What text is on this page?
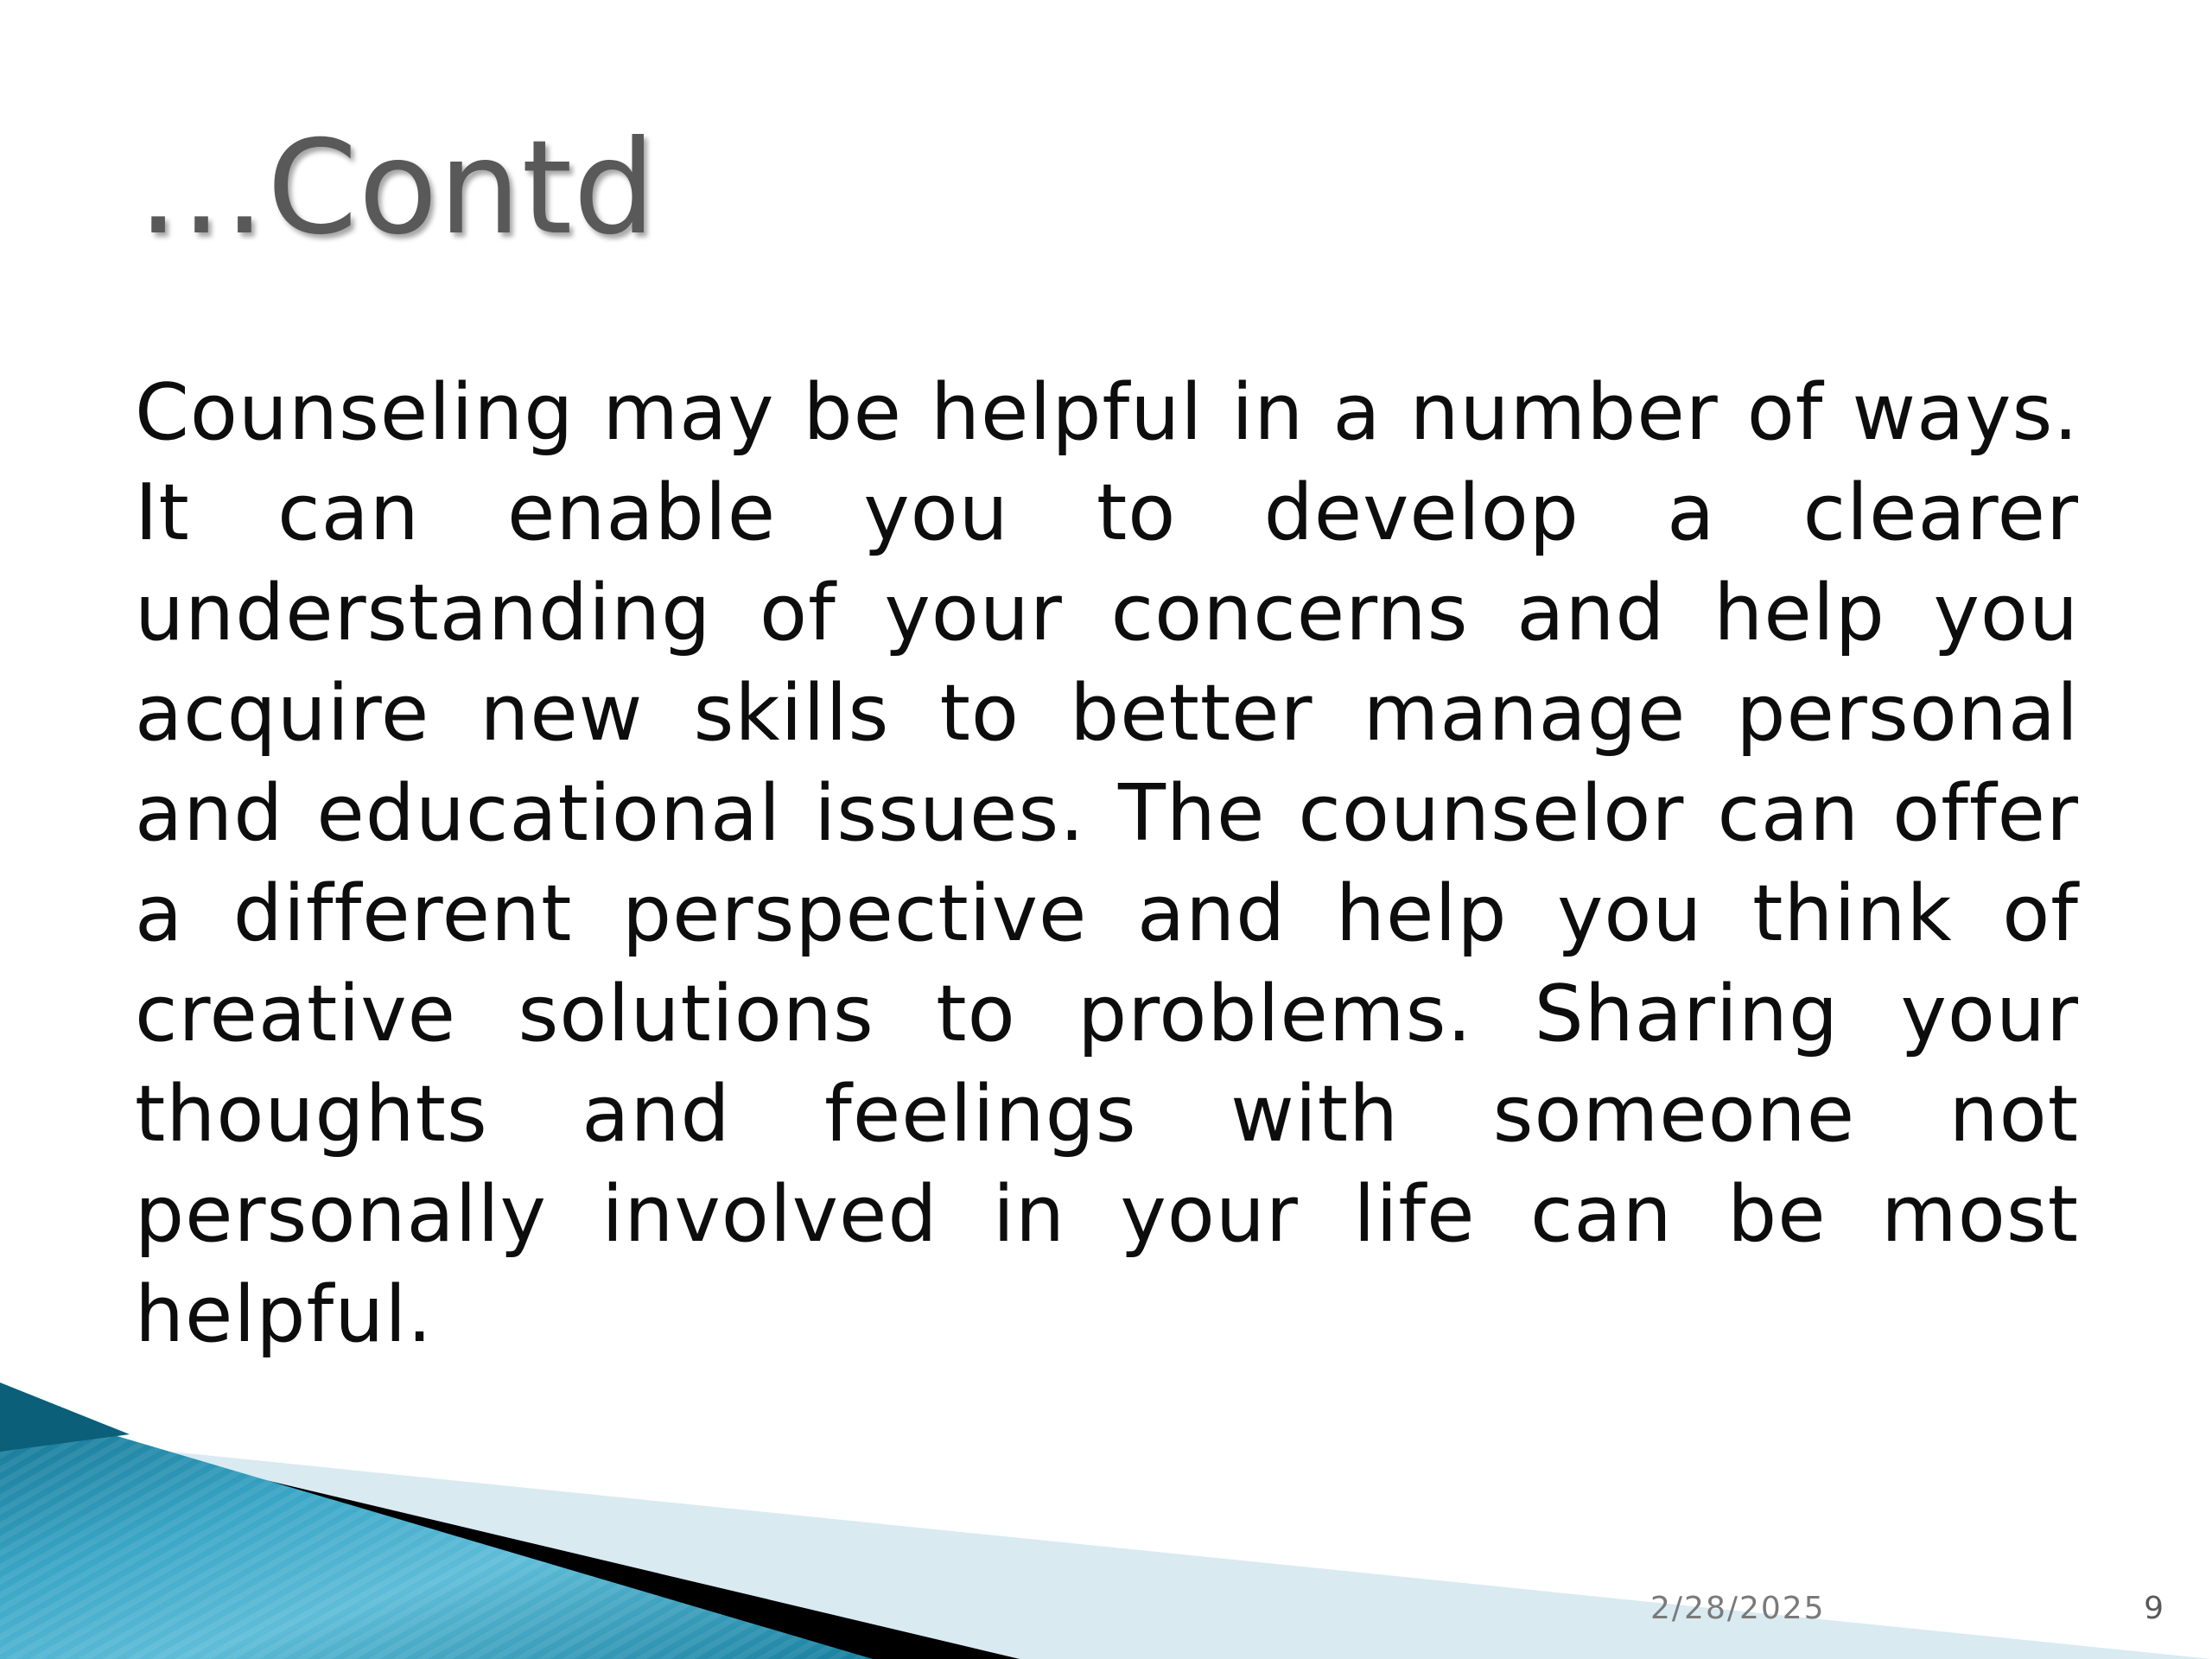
…Contd

Counseling may be helpful in a number of ways. It can enable you to develop a clearer understanding of your concerns and help you acquire new skills to better manage personal and educational issues. The counselor can offer a different perspective and help you think of creative solutions to problems. Sharing your thoughts and feelings with someone not personally involved in your life can be most helpful.

2/28/2025	9
